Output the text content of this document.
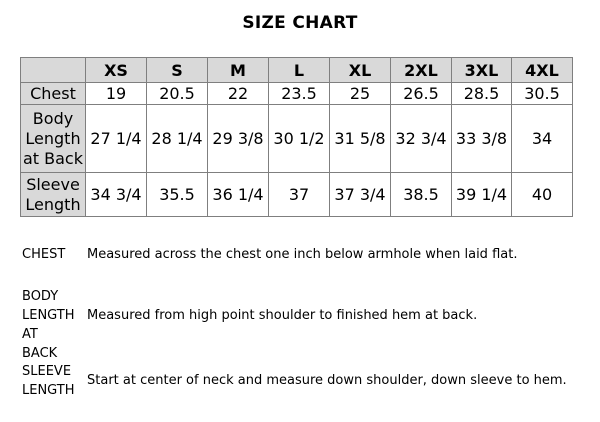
SIZE CHART
	XS	S	M	L	XL	2XL	3XL	4XL

Chest	19	20.5	22	23.5	25	26.5	28.5	30.5

Body
Length
at Back	27 1/4	28 1/4	29 3/8	30 1/2	31 5/8	32 3/4	33 3/8	34

Sleeve
Length	34 3/4	35.5	36 1/4	37	37 3/4	38.5	39 1/4	40
CHEST Measured across the chest one inch below armhole when laid flat.
BODY
LENGTH
AT BACK
Measured from high point shoulder to finished hem at back.
SLEEVE
LENGTH
Start at center of neck and measure down shoulder, down sleeve to hem.
